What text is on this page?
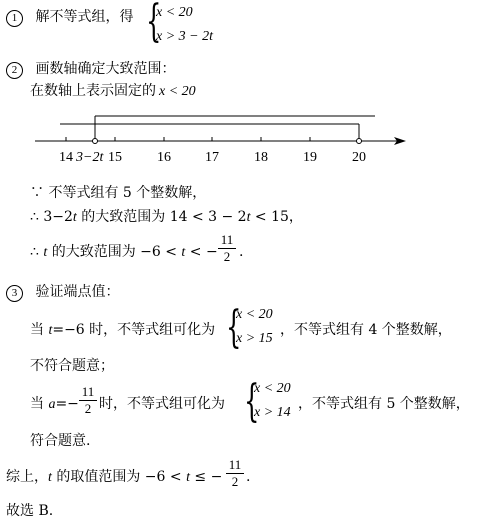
1 解不等式组，得 {
x < 20
x > 3 − 2t
2 画数轴确定大致范围：
在数轴上表示固定的 x < 20
14 3−2t 15	16 17	18	19	20
∵ 不等式组有 5 个整数解，
∴ 3−2t 的大致范围为 14 < 3 − 2t < 15，
∴ t 的大致范围为 −6 < t < −
11
2 .
3 验证端点值：
当 t=−6 时，不等式组可化为 {
x < 20
x > 15
，不等式组有 4 个整数解，
不符合题意；
当 a=−
11
2 时，不等式组可化为 {
x < 20
x > 14
，不等式组有 5 个整数解，
符合题意.
综上，t 的取值范围为 −6 < t ≤ −
11
2 .
故选 B.
